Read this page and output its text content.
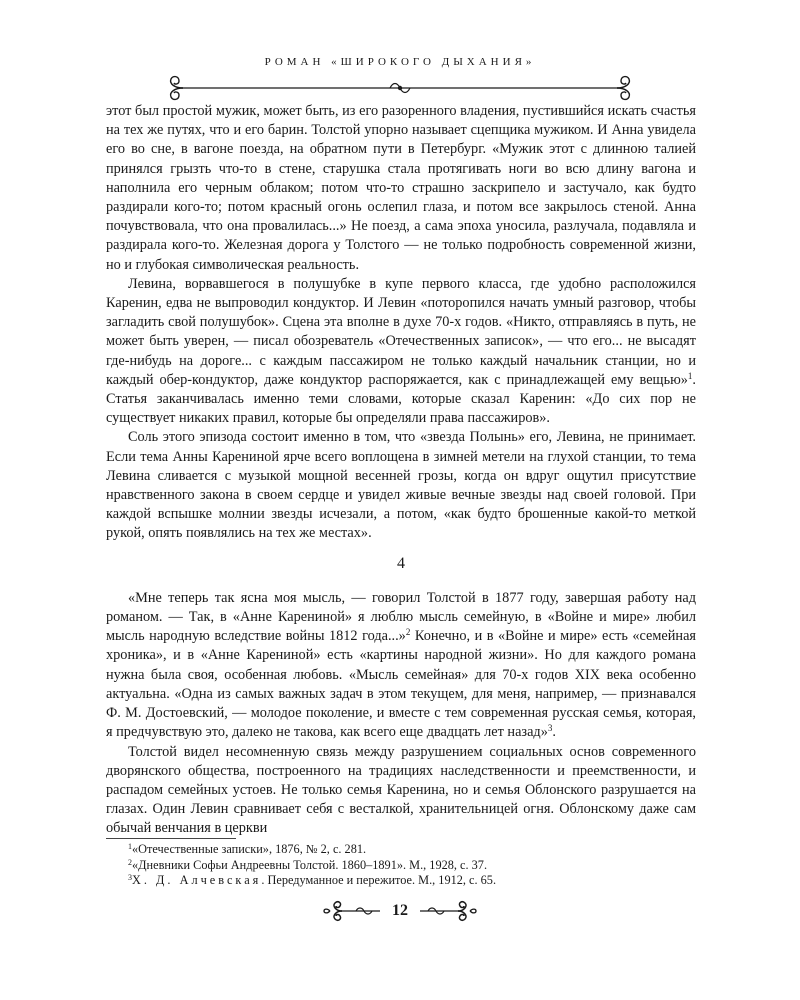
РОМАН «ШИРОКОГО ДЫХАНИЯ»

этот был простой мужик, может быть, из его разоренного владения, пустившийся искать счастья на тех же путях, что и его барин. Толстой упорно называет сцепщика мужиком. И Анна увидела его во сне, в вагоне поезда, на обратном пути в Петербург. «Мужик этот с длинною талией принялся грызть что-то в стене, старушка стала протягивать ноги во всю длину вагона и наполнила его черным облаком; потом что-то страшно заскрипело и застучало, как будто раздирали кого-то; потом красный огонь ослепил глаза, и потом все закрылось стеной. Анна почувствовала, что она провалилась...» Не поезд, а сама эпоха уносила, разлучала, подавляла и раздирала кого-то. Железная дорога у Толстого — не только подробность современной жизни, но и глубокая символическая реальность.

Левина, ворвавшегося в полушубке в купе первого класса, где удобно расположился Каренин, едва не выпроводил кондуктор. И Левин «поторопился начать умный разговор, чтобы загладить свой полушубок». Сцена эта вполне в духе 70-х годов. «Никто, отправляясь в путь, не может быть уверен, — писал обозреватель «Отечественных записок», — что его... не высадят где-нибудь на дороге... с каждым пассажиром не только каждый начальник станции, но и каждый обер-кондуктор, даже кондуктор распоряжается, как с принадлежащей ему вещью»$^1$. Статья заканчивалась именно теми словами, которые сказал Каренин: «До сих пор не существует никаких правил, которые бы определяли права пассажиров».

Соль этого эпизода состоит именно в том, что «звезда Полынь» его, Левина, не принимает. Если тема Анны Карениной ярче всего воплощена в зимней метели на глухой станции, то тема Левина сливается с музыкой мощной весенней грозы, когда он вдруг ощутил присутствие нравственного закона в своем сердце и увидел живые вечные звезды над своей головой. При каждой вспышке молнии звезды исчезали, а потом, «как будто брошенные какой-то меткой рукой, опять появлялись на тех же местах».

4

«Мне теперь так ясна моя мысль, — говорил Толстой в 1877 году, завершая работу над романом. — Так, в «Анне Карениной» я люблю мысль семейную, в «Войне и мире» любил мысль народную вследствие войны 1812 года...»$^2$ Конечно, и в «Войне и мире» есть «семейная хроника», и в «Анне Карениной» есть «картины народной жизни». Но для каждого романа нужна была своя, особенная любовь. «Мысль семейная» для 70-х годов XIX века особенно актуальна. «Одна из самых важных задач в этом текущем, для меня, например, — признавался Ф. М. Достоевский, — молодое поколение, и вместе с тем современная русская семья, которая, я предчувствую это, далеко не такова, как всего еще двадцать лет назад»$^3$.

Толстой видел несомненную связь между разрушением социальных основ современного дворянского общества, построенного на традициях наследственности и преемственности, и распадом семейных устоев. Не только семья Каренина, но и семья Облонского разрушается на глазах. Один Левин сравнивает себя с весталкой, хранительницей огня. Облонскому даже сам обычай венчания в церкви

$^1$«Отечественные записки», 1876, № 2, с. 281.

$^2$«Дневники Софьи Андреевны Толстой. 1860–1891». М., 1928, с. 37.

$^3$Х. Д. Алчевская. Передуманное и пережитое. М., 1912, с. 65.

12
